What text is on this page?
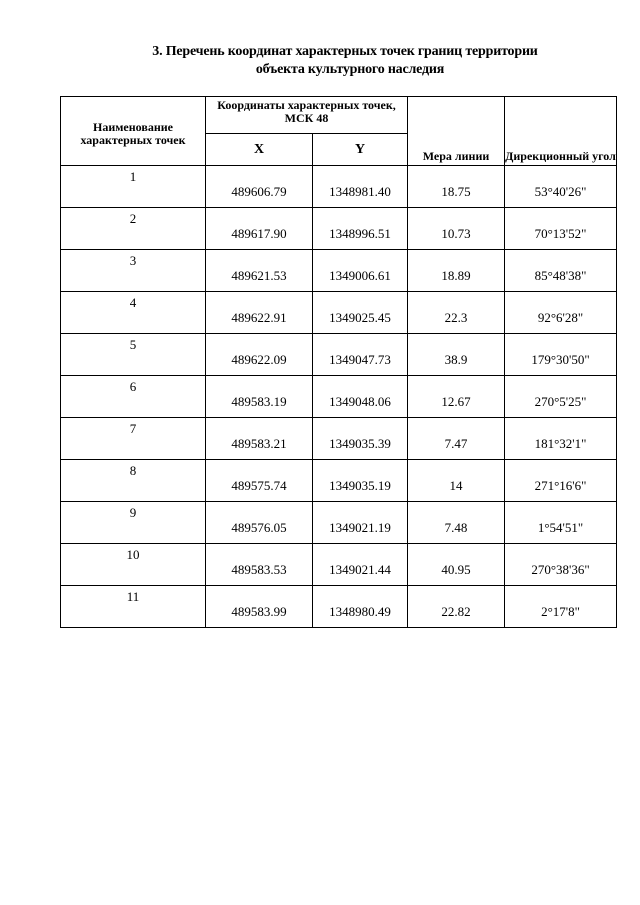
3. Перечень координат характерных точек границ территории
объекта культурного наследия
Наименование характерных точек	Координаты характерных точек, МСК 48		Мера линии	Дирекционный угол
	X	Y		
1	489606.79	1348981.40	18.75	53°40'26"
2	489617.90	1348996.51	10.73	70°13'52"
3	489621.53	1349006.61	18.89	85°48'38"
4	489622.91	1349025.45	22.3	92°6'28"
5	489622.09	1349047.73	38.9	179°30'50"
6	489583.19	1349048.06	12.67	270°5'25"
7	489583.21	1349035.39	7.47	181°32'1"
8	489575.74	1349035.19	14	271°16'6"
9	489576.05	1349021.19	7.48	1°54'51"
10	489583.53	1349021.44	40.95	270°38'36"
11	489583.99	1348980.49	22.82	2°17'8"
